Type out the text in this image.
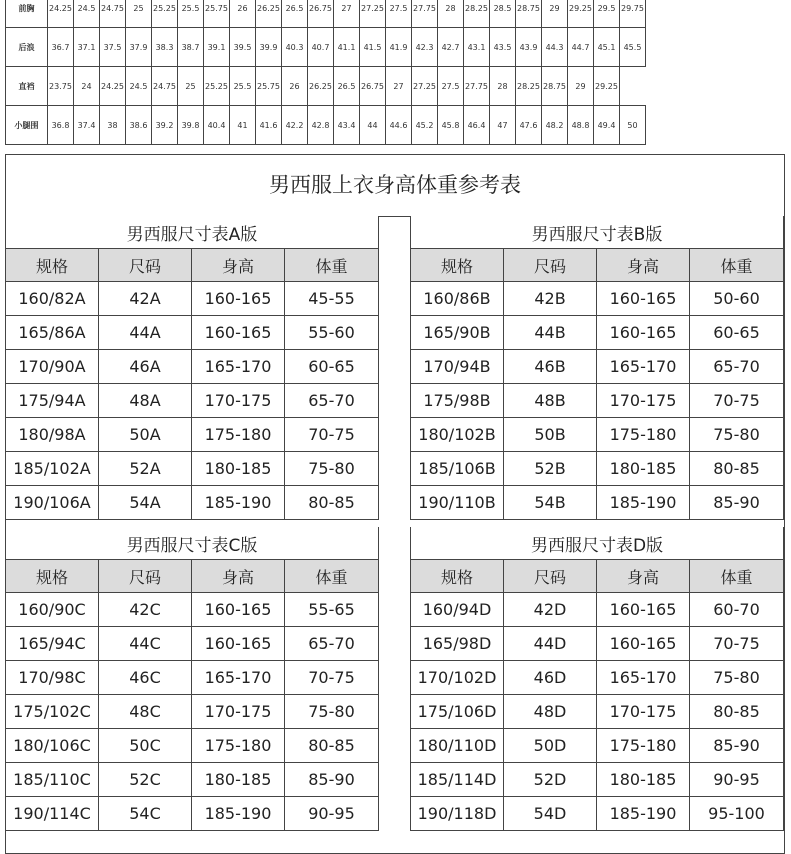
前胸	24.25	24.5	24.75	25	25.25	25.5	25.75	26	26.25	26.5	26.75	27	27.25	27.5	27.75	28	28.25	28.5	28.75	29	29.25	29.5	29.75
后浪	36.7	37.1	37.5	37.9	38.3	38.7	39.1	39.5	39.9	40.3	40.7	41.1	41.5	41.9	42.3	42.7	43.1	43.5	43.9	44.3	44.7	45.1	45.5
直裆	23.75	24	24.25	24.5	24.75	25	25.25	25.5	25.75	26	26.25	26.5	26.75	27	27.25	27.5	27.75	28	28.25	28.75	29	29.25	
小腿围	36.8	37.4	38	38.6	39.2	39.8	40.4	41	41.6	42.2	42.8	43.4	44	44.6	45.2	45.8	46.4	47	47.6	48.2	48.8	49.4	50
男西服上衣身高体重参考表
男西服尺寸表A版			
规格	尺码	身高	体重
160/82A	42A	160-165	45-55
165/86A	44A	160-165	55-60
170/90A	46A	165-170	60-65
175/94A	48A	170-175	65-70
180/98A	50A	175-180	70-75
185/102A	52A	180-185	75-80
190/106A	54A	185-190	80-85
男西服尺寸表B版			
规格	尺码	身高	体重
160/86B	42B	160-165	50-60
165/90B	44B	160-165	60-65
170/94B	46B	165-170	65-70
175/98B	48B	170-175	70-75
180/102B	50B	175-180	75-80
185/106B	52B	180-185	80-85
190/110B	54B	185-190	85-90
男西服尺寸表C版			
规格	尺码	身高	体重
160/90C	42C	160-165	55-65
165/94C	44C	160-165	65-70
170/98C	46C	165-170	70-75
175/102C	48C	170-175	75-80
180/106C	50C	175-180	80-85
185/110C	52C	180-185	85-90
190/114C	54C	185-190	90-95
男西服尺寸表D版			
规格	尺码	身高	体重
160/94D	42D	160-165	60-70
165/98D	44D	160-165	70-75
170/102D	46D	165-170	75-80
175/106D	48D	170-175	80-85
180/110D	50D	175-180	85-90
185/114D	52D	180-185	90-95
190/118D	54D	185-190	95-100
